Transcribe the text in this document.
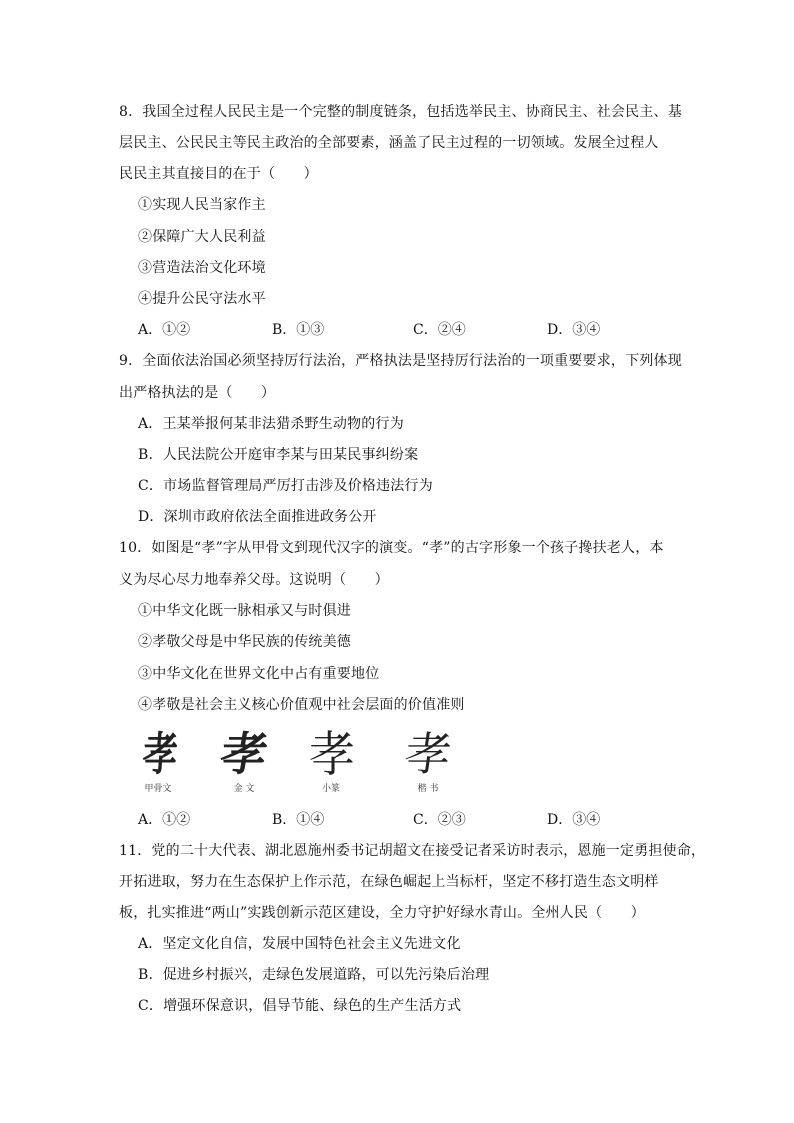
8．我国全过程人民民主是一个完整的制度链条，包括选举民主、协商民主、社会民主、基
层民主、公民民主等民主政治的全部要素，涵盖了民主过程的一切领域。发展全过程人
民民主其直接目的在于（　　）
①实现人民当家作主
②保障广大人民利益
③营造法治文化环境
④提升公民守法水平
A．①②	B．①③	C．②④	D．③④
9．全面依法治国必须坚持厉行法治，严格执法是坚持厉行法治的一项重要要求，下列体现
出严格执法的是（　　）
A．王某举报何某非法猎杀野生动物的行为
B．人民法院公开庭审李某与田某民事纠纷案
C．市场监督管理局严厉打击涉及价格违法行为
D．深圳市政府依法全面推进政务公开
10．如图是“孝”字从甲骨文到现代汉字的演变。“孝”的古字形象一个孩子搀扶老人，本
义为尽心尽力地奉养父母。这说明（　　）
①中华文化既一脉相承又与时俱进
②孝敬父母是中华民族的传统美德
③中华文化在世界文化中占有重要地位
④孝敬是社会主义核心价值观中社会层面的价值准则
孝
甲骨文
孝
金 文
孝
小篆
孝
楷 书
A．①②	B．①④	C．②③	D．③④
11．党的二十大代表、湖北恩施州委书记胡超文在接受记者采访时表示，恩施一定勇担使命，
开拓进取，努力在生态保护上作示范，在绿色崛起上当标杆，坚定不移打造生态文明样
板，扎实推进“两山”实践创新示范区建设，全力守护好绿水青山。全州人民（　　）
A．坚定文化自信，发展中国特色社会主义先进文化
B．促进乡村振兴，走绿色发展道路，可以先污染后治理
C．增强环保意识，倡导节能、绿色的生产生活方式
